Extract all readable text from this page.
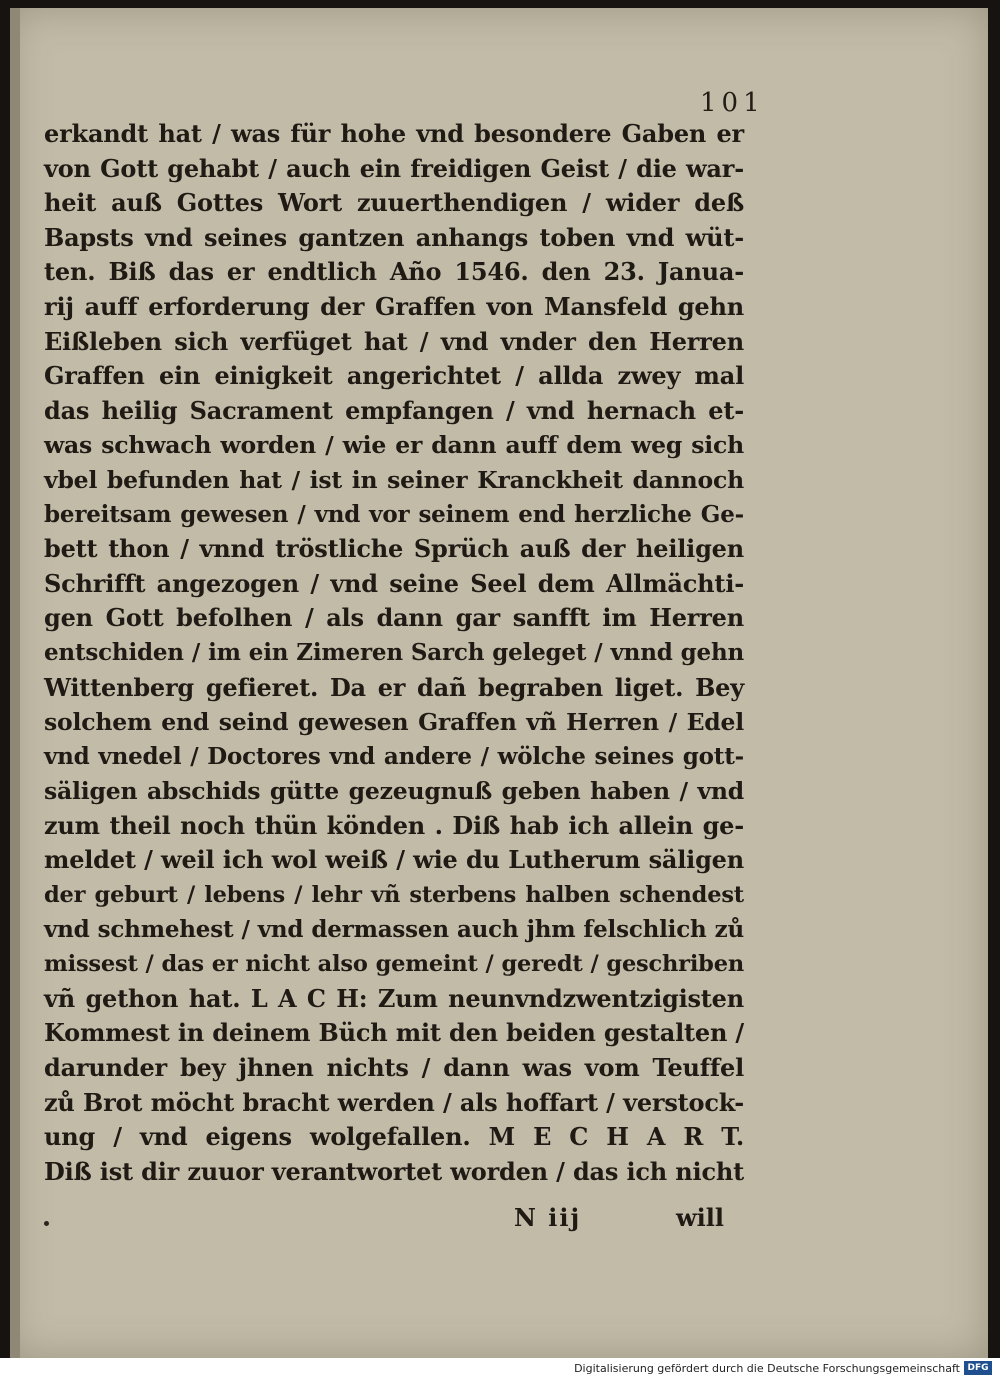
101
erkandt hat / was für hohe vnd besondere Gaben er
von Gott gehabt / auch ein freidigen Geist / die war-
heit auß Gottes Wort zuuerthendigen / wider deß
Bapsts vnd seines gantzen anhangs toben vnd wüt-
ten. Biß das er endtlich Año 1546. den 23. Janua-
rij auff erforderung der Graffen von Mansfeld gehn
Eißleben sich verfüget hat / vnd vnder den Herren
Graffen ein einigkeit angerichtet / allda zwey mal
das heilig Sacrament empfangen / vnd hernach et-
was schwach worden / wie er dann auff dem weg sich
vbel befunden hat / ist in seiner Kranckheit dannoch
bereitsam gewesen / vnd vor seinem end herzliche Ge-
bett thon / vnnd tröstliche Sprüch auß der heiligen
Schrifft angezogen / vnd seine Seel dem Allmächti-
gen Gott befolhen / als dann gar sanfft im Herren
entschiden / im ein Zimeren Sarch geleget / vnnd gehn
Wittenberg gefieret. Da er dañ begraben liget. Bey
solchem end seind gewesen Graffen vñ Herren / Edel
vnd vnedel / Doctores vnd andere / wölche seines gott-
säligen abschids gütte gezeugnuß geben haben / vnd
zum theil noch thün könden . Diß hab ich allein ge-
meldet / weil ich wol weiß / wie du Lutherum säligen
der geburt / lebens / lehr vñ sterbens halben schendest
vnd schmehest / vnd dermassen auch jhm felschlich zů
missest / das er nicht also gemeint / geredt / geschriben
vñ gethon hat. L A C H: Zum neunvndzwentzigisten
Kommest in deinem Büch mit den beiden gestalten /
darunder bey jhnen nichts / dann was vom Teuffel
zů Brot möcht bracht werden / als hoffart / verstock-
ung / vnd eigens wolgefallen. M E C H A R T.
Diß ist dir zuuor verantwortet worden / das ich nicht
N iij	will
Digitalisierung gefördert durch die Deutsche Forschungsgemeinschaft DFG
